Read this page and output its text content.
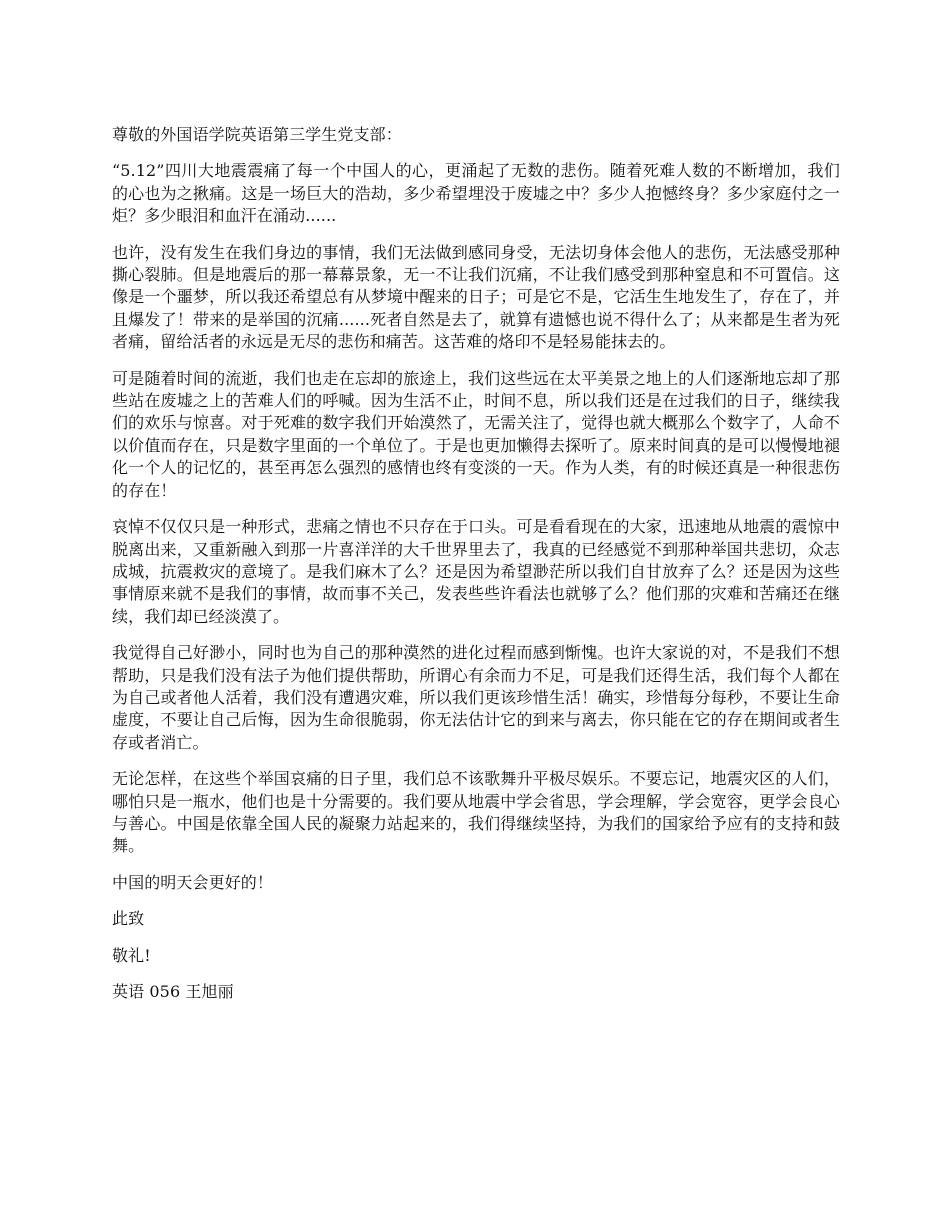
尊敬的外国语学院英语第三学生党支部：

“5.12”四川大地震震痛了每一个中国人的心，更涌起了无数的悲伤。随着死难人数的不断增加，我们的心也为之揪痛。这是一场巨大的浩劫，多少希望埋没于废墟之中？多少人抱憾终身？多少家庭付之一炬？多少眼泪和血汗在涌动......

也许，没有发生在我们身边的事情，我们无法做到感同身受，无法切身体会他人的悲伤，无法感受那种撕心裂肺。但是地震后的那一幕幕景象，无一不让我们沉痛，不让我们感受到那种窒息和不可置信。这像是一个噩梦，所以我还希望总有从梦境中醒来的日子；可是它不是，它活生生地发生了，存在了，并且爆发了！带来的是举国的沉痛......死者自然是去了，就算有遗憾也说不得什么了；从来都是生者为死者痛，留给活者的永远是无尽的悲伤和痛苦。这苦难的烙印不是轻易能抹去的。

可是随着时间的流逝，我们也走在忘却的旅途上，我们这些远在太平美景之地上的人们逐渐地忘却了那些站在废墟之上的苦难人们的呼喊。因为生活不止，时间不息，所以我们还是在过我们的日子，继续我们的欢乐与惊喜。对于死难的数字我们开始漠然了，无需关注了，觉得也就大概那么个数字了，人命不以价值而存在，只是数字里面的一个单位了。于是也更加懒得去探听了。原来时间真的是可以慢慢地褪化一个人的记忆的，甚至再怎么强烈的感情也终有变淡的一天。作为人类，有的时候还真是一种很悲伤的存在！

哀悼不仅仅只是一种形式，悲痛之情也不只存在于口头。可是看看现在的大家，迅速地从地震的震惊中脱离出来，又重新融入到那一片喜洋洋的大千世界里去了，我真的已经感觉不到那种举国共悲切，众志成城，抗震救灾的意境了。是我们麻木了么？还是因为希望渺茫所以我们自甘放弃了么？还是因为这些事情原来就不是我们的事情，故而事不关己，发表些些许看法也就够了么？他们那的灾难和苦痛还在继续，我们却已经淡漠了。

我觉得自己好渺小，同时也为自己的那种漠然的进化过程而感到惭愧。也许大家说的对，不是我们不想帮助，只是我们没有法子为他们提供帮助，所谓心有余而力不足，可是我们还得生活，我们每个人都在为自己或者他人活着，我们没有遭遇灾难，所以我们更该珍惜生活！确实，珍惜每分每秒，不要让生命虚度，不要让自己后悔，因为生命很脆弱，你无法估计它的到来与离去，你只能在它的存在期间或者生存或者消亡。

无论怎样，在这些个举国哀痛的日子里，我们总不该歌舞升平极尽娱乐。不要忘记，地震灾区的人们，哪怕只是一瓶水，他们也是十分需要的。我们要从地震中学会省思，学会理解，学会宽容，更学会良心与善心。中国是依靠全国人民的凝聚力站起来的，我们得继续坚持，为我们的国家给予应有的支持和鼓舞。

中国的明天会更好的！

此致

敬礼!

英语 056 王旭丽
